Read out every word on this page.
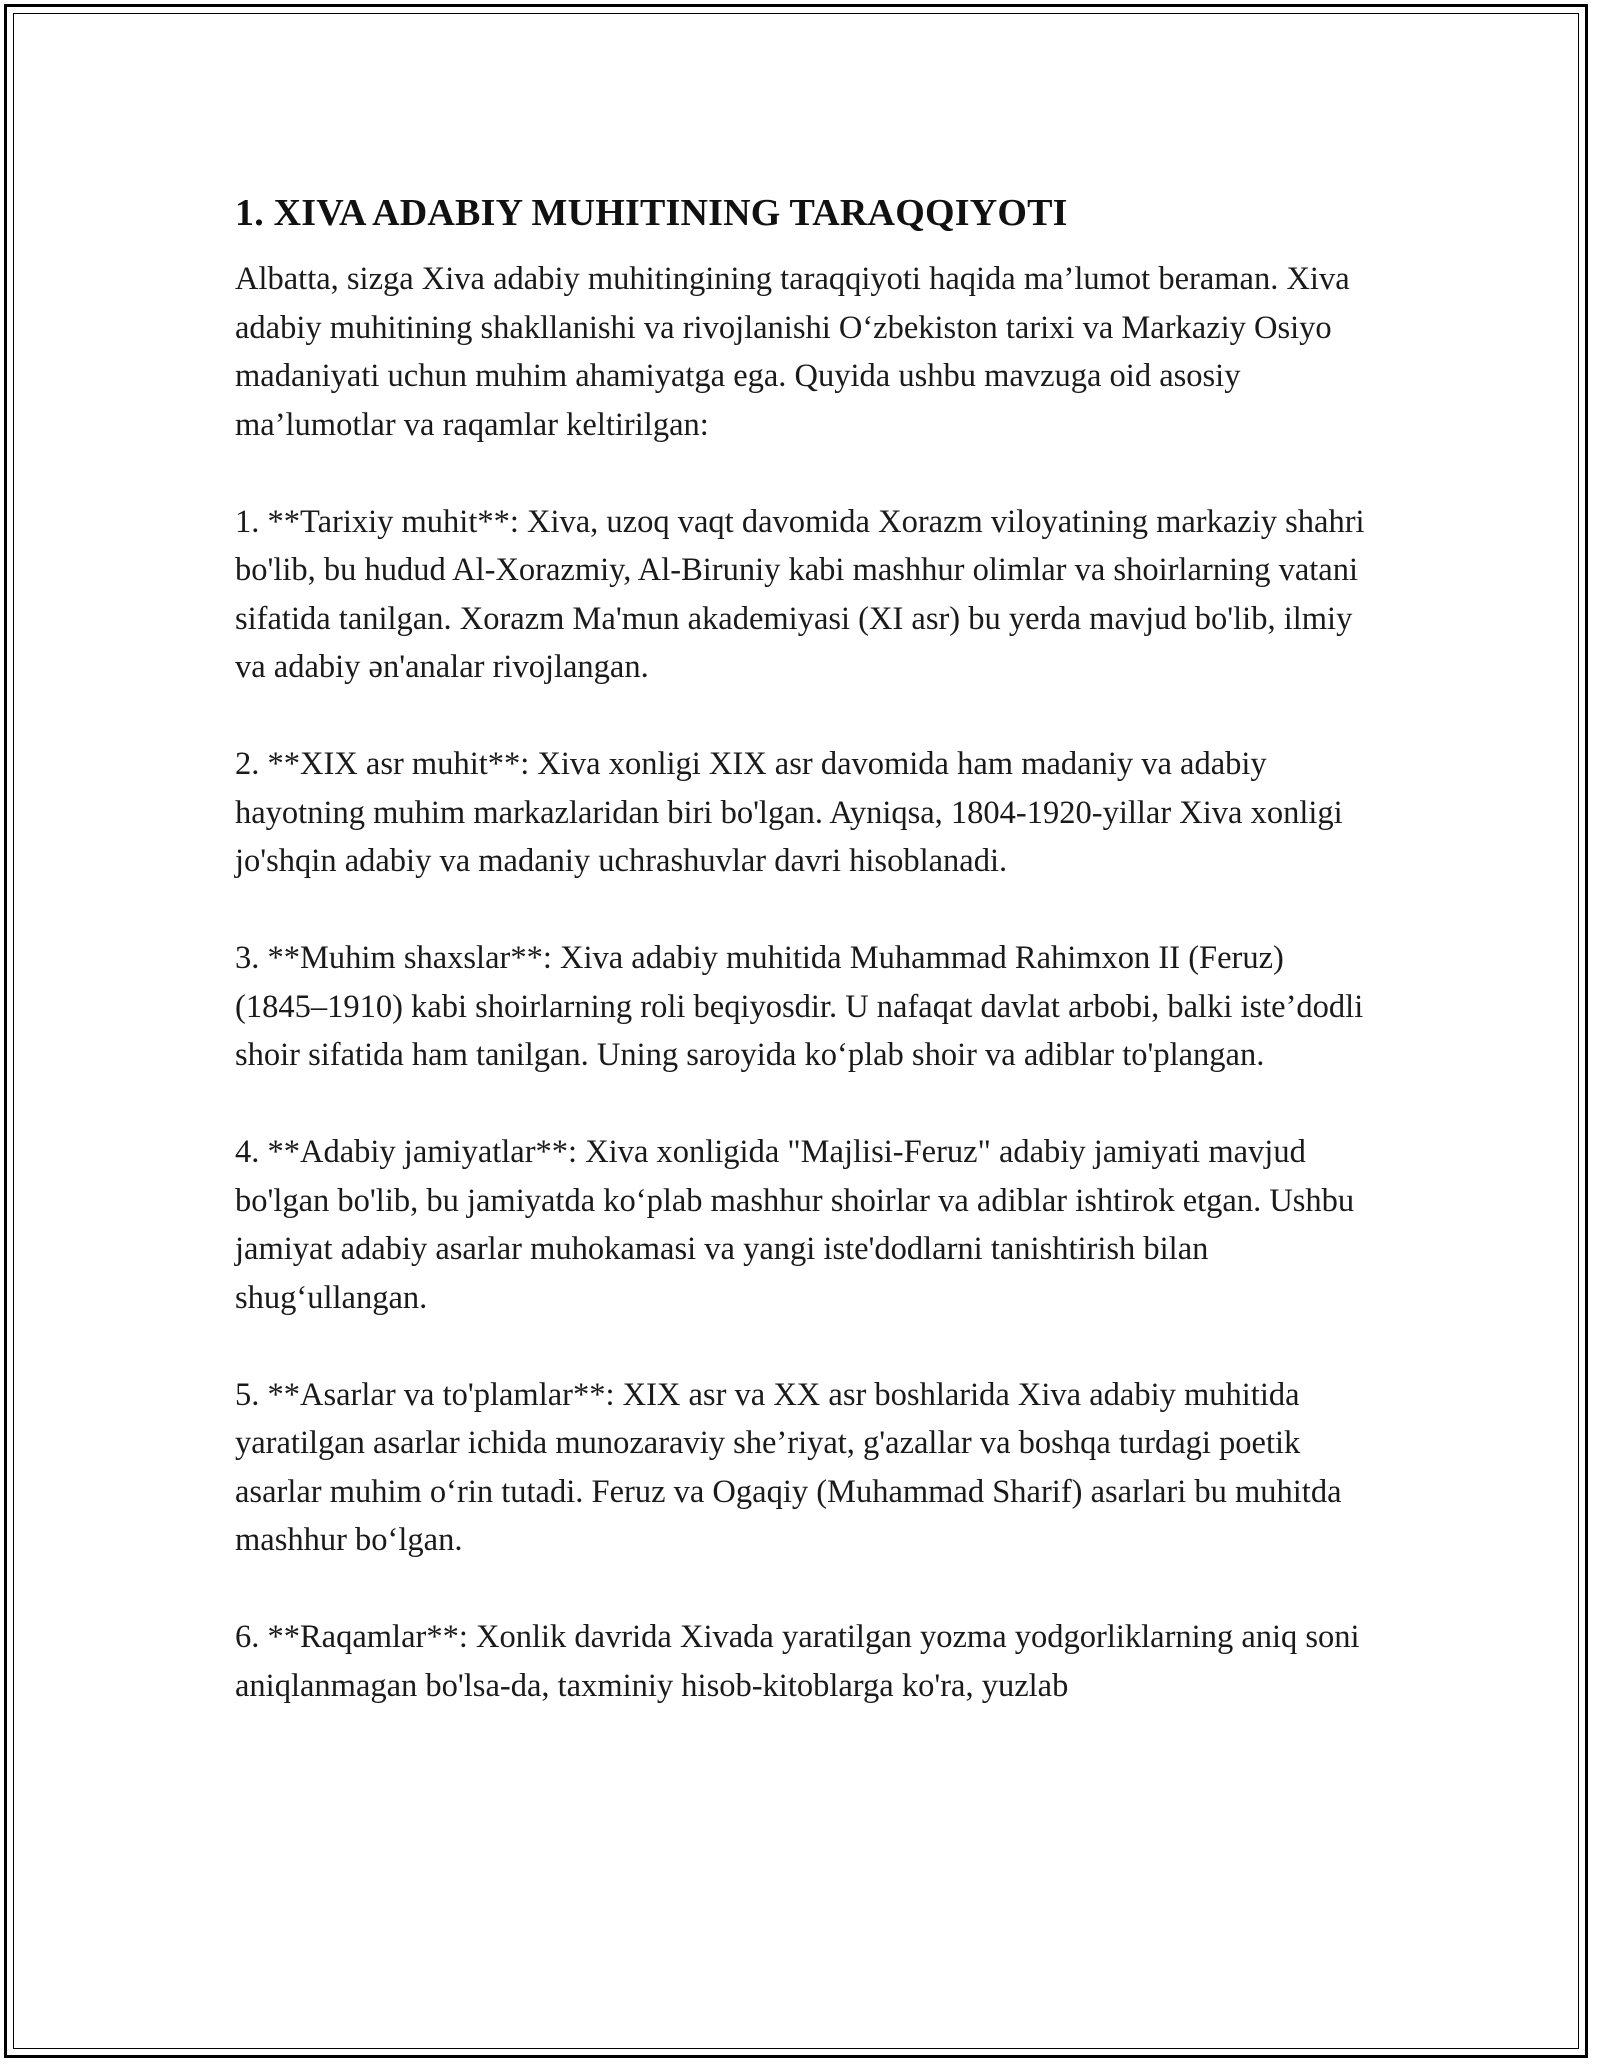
1. XIVA ADABIY MUHITINING TARAQQIYOTI

Albatta, sizga Xiva adabiy muhitingining taraqqiyoti haqida ma’lumot beraman. Xiva adabiy muhitining shakllanishi va rivojlanishi O‘zbekiston tarixi va Markaziy Osiyo madaniyati uchun muhim ahamiyatga ega. Quyida ushbu mavzuga oid asosiy ma’lumotlar va raqamlar keltirilgan:

1. **Tarixiy muhit**: Xiva, uzoq vaqt davomida Xorazm viloyatining markaziy shahri bo'lib, bu hudud Al-Xorazmiy, Al-Biruniy kabi mashhur olimlar va shoirlarning vatani sifatida tanilgan. Xorazm Ma'mun akademiyasi (XI asr) bu yerda mavjud bo'lib, ilmiy va adabiy ən'analar rivojlangan.

2. **XIX asr muhit**: Xiva xonligi XIX asr davomida ham madaniy va adabiy hayotning muhim markazlaridan biri bo'lgan. Ayniqsa, 1804-1920-yillar Xiva xonligi jo'shqin adabiy va madaniy uchrashuvlar davri hisoblanadi.

3. **Muhim shaxslar**: Xiva adabiy muhitida Muhammad Rahimxon II (Feruz) (1845–1910) kabi shoirlarning roli beqiyosdir. U nafaqat davlat arbobi, balki iste’dodli shoir sifatida ham tanilgan. Uning saroyida ko‘plab shoir va adiblar to'plangan.

4. **Adabiy jamiyatlar**: Xiva xonligida "Majlisi-Feruz" adabiy jamiyati mavjud bo'lgan bo'lib, bu jamiyatda ko‘plab mashhur shoirlar va adiblar ishtirok etgan. Ushbu jamiyat adabiy asarlar muhokamasi va yangi iste'dodlarni tanishtirish bilan shug‘ullangan.

5. **Asarlar va to'plamlar**: XIX asr va XX asr boshlarida Xiva adabiy muhitida yaratilgan asarlar ichida munozaraviy she’riyat, g'azallar va boshqa turdagi poetik asarlar muhim o‘rin tutadi. Feruz va Ogaqiy (Muhammad Sharif) asarlari bu muhitda mashhur bo‘lgan.

6. **Raqamlar**: Xonlik davrida Xivada yaratilgan yozma yodgorliklarning aniq soni aniqlanmagan bo'lsa-da, taxminiy hisob-kitoblarga ko'ra, yuzlab
